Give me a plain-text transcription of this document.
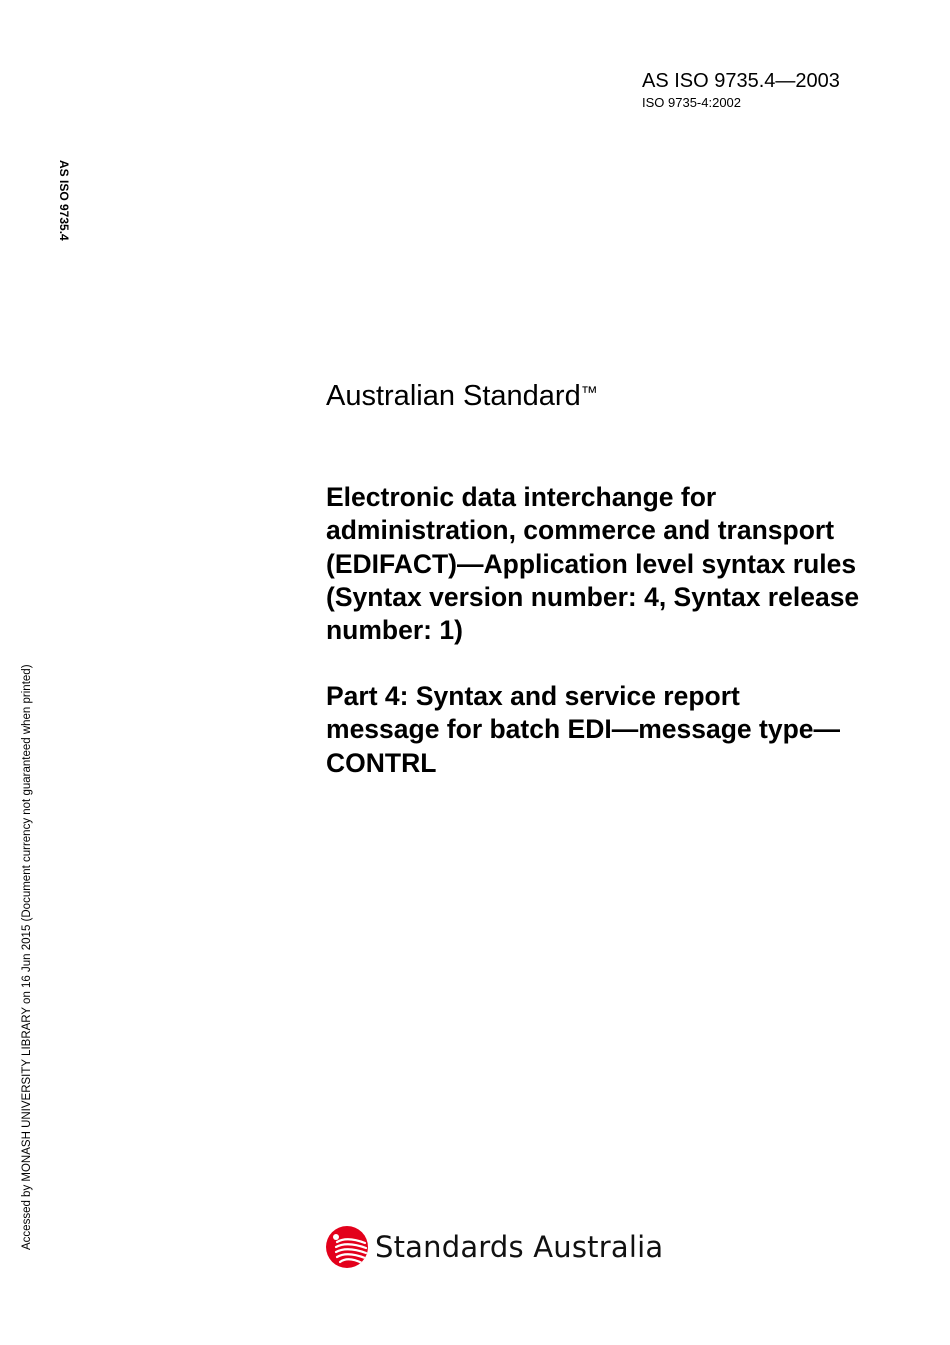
AS ISO 9735.4—2003
ISO 9735-4:2002
AS ISO 9735.4
Accessed by MONASH UNIVERSITY LIBRARY on 16 Jun 2015 (Document currency not guaranteed when printed)
Australian Standard™
Electronic data interchange for administration, commerce and transport (EDIFACT)—Application level syntax rules (Syntax version number: 4, Syntax release number: 1)
Part 4: Syntax and service report message for batch EDI—message type—CONTRL
Standards Australia
